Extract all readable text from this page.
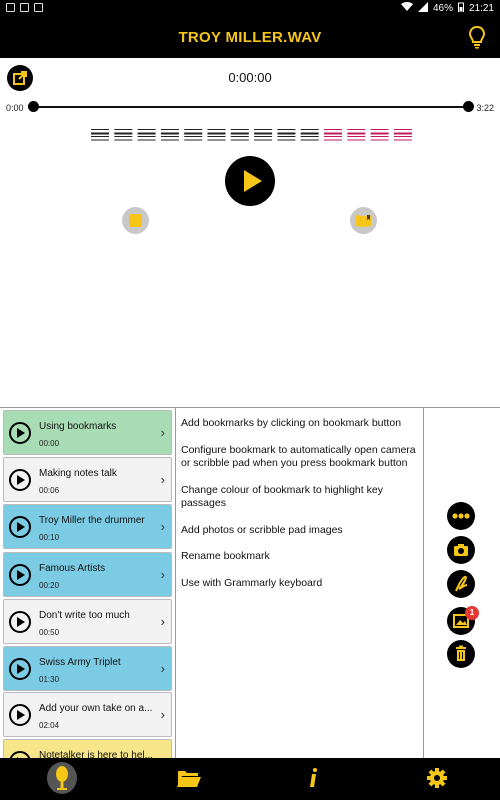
46% 21:21
TROY MILLER.WAV
0:00:00
0:00	3:22
Using bookmarks
00:00
›
Making notes talk
00:06
›
Troy Miller the drummer
00:10
›
Famous Artists
00:20
›
Don't write too much
00:50
›
Swiss Army Triplet
01:30
›
Add your own take on a...
02:04
›
Notetalker is here to hel...
Add bookmarks by clicking on bookmark button
Configure bookmark to automatically open camera or scribble pad when you press bookmark button
Change colour of bookmark to highlight key passages
Add photos or scribble pad images
Rename bookmark
Use with Grammarly keyboard
1
